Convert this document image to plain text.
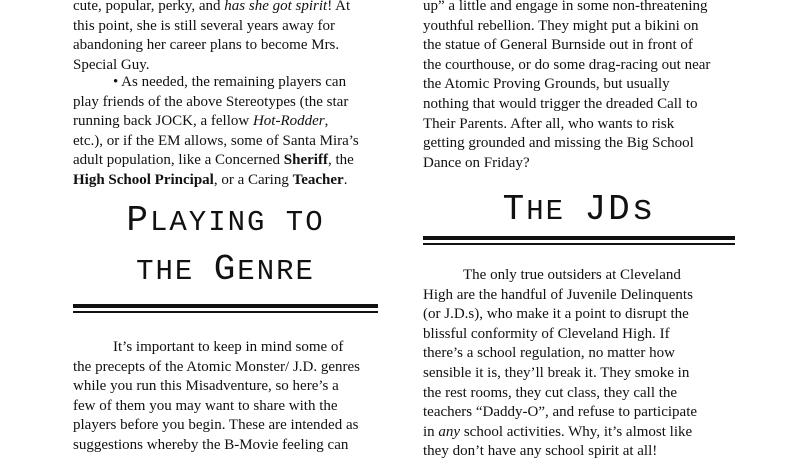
cute, popular, perky, and has she got spirit! At
this point, she is still several years away for
abandoning her career plans to become Mrs.
Special Guy.

• As needed, the remaining players can
play friends of the above Stereotypes (the star
running back JOCK, a fellow Hot-Rodder,
etc.), or if the EM allows, some of Santa Mira’s
adult population, like a Concerned Sheriff, the
High School Principal, or a Caring Teacher.

PLAYING TO
THE GENRE

It’s important to keep in mind some of
the precepts of the Atomic Monster/ J.D. genres
while you run this Misadventure, so here’s a
few of them you may want to share with the
players before you begin. These are intended as
suggestions whereby the B-Movie feeling can

up” a little and engage in some non-threatening
youthful rebellion. They might put a bikini on
the statue of General Burnside out in front of
the courthouse, or do some drag-racing out near
the Atomic Proving Grounds, but usually
nothing that would trigger the dreaded Call to
Their Parents. After all, who wants to risk
getting grounded and missing the Big School
Dance on Friday?

THE JDs

The only true outsiders at Cleveland
High are the handful of Juvenile Delinquents
(or J.D.s), who make it a point to disrupt the
blissful conformity of Cleveland High. If
there’s a school regulation, no matter how
sensible it is, they’ll break it. They smoke in
the rest rooms, they cut class, they call the
teachers “Daddy-O”, and refuse to participate
in any school activities. Why, it’s almost like
they don’t have any school spirit at all!
